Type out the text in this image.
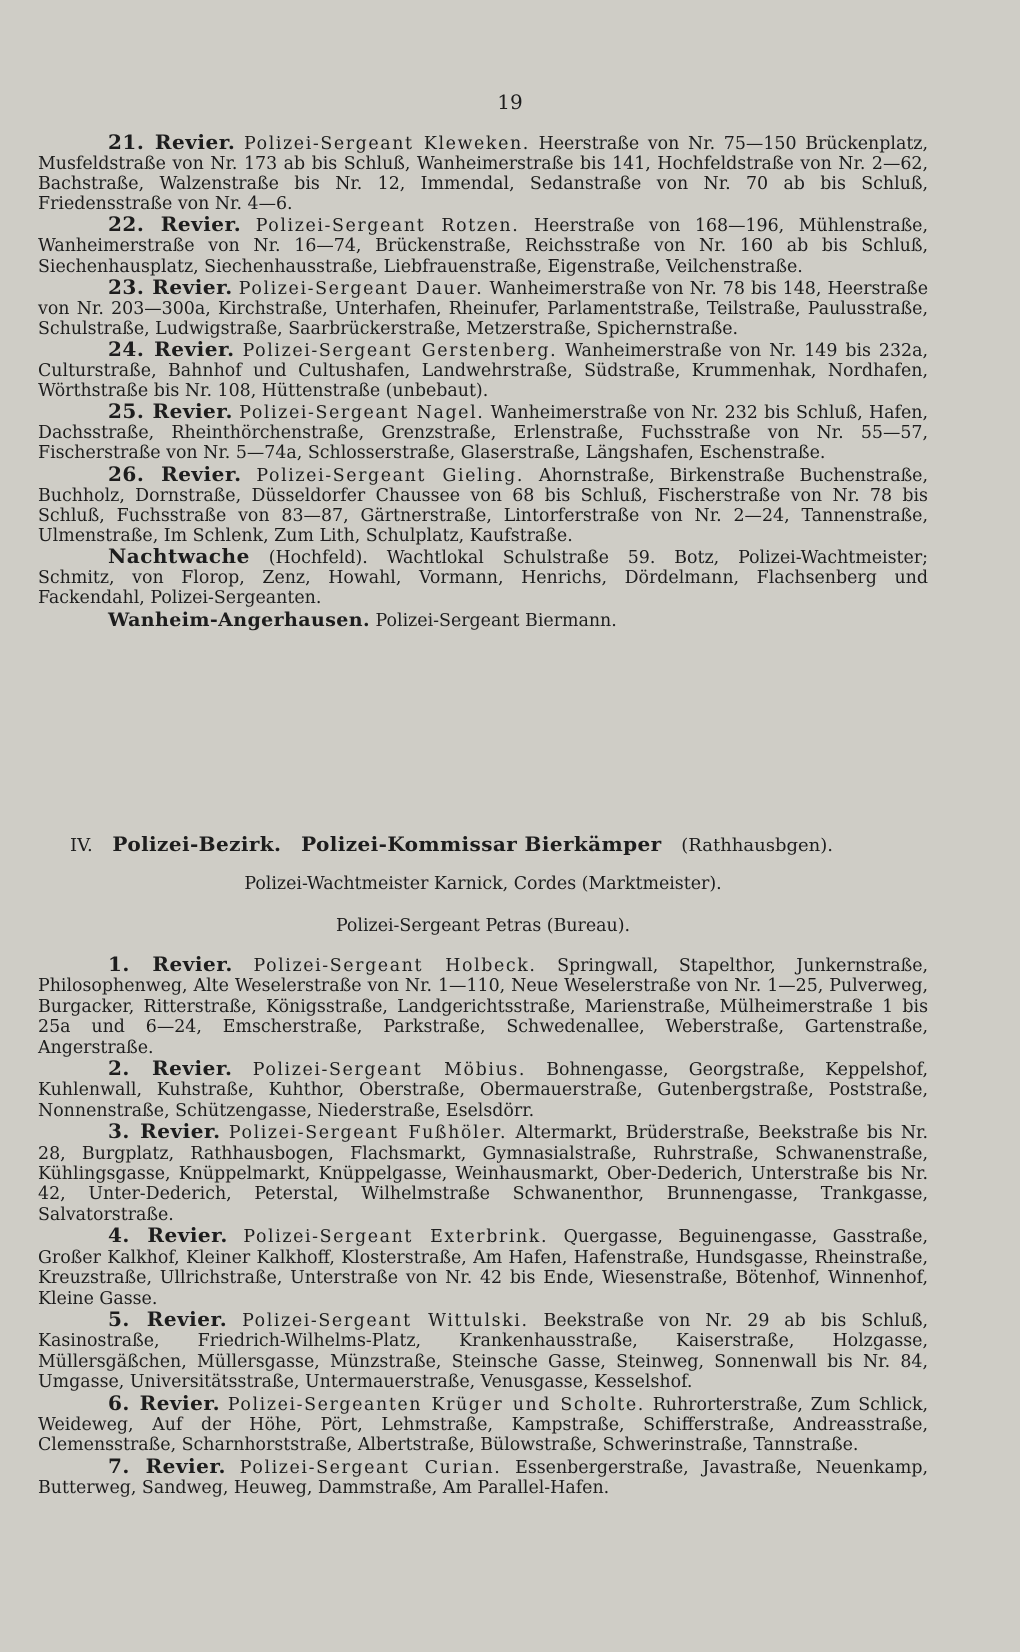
19

21. Revier. Polizei-Sergeant Kleweken. Heerstraße von Nr. 75—150 Brückenplatz, Musfeldstraße von Nr. 173 ab bis Schluß, Wanheimerstraße bis 141, Hochfeldstraße von Nr. 2—62, Bachstraße, Walzenstraße bis Nr. 12, Immendal, Sedanstraße von Nr. 70 ab bis Schluß, Friedensstraße von Nr. 4—6.

22. Revier. Polizei-Sergeant Rotzen. Heerstraße von 168—196, Mühlenstraße, Wanheimerstraße von Nr. 16—74, Brückenstraße, Reichsstraße von Nr. 160 ab bis Schluß, Siechenhausplatz, Siechenhausstraße, Liebfrauenstraße, Eigenstraße, Veilchenstraße.

23. Revier. Polizei-Sergeant Dauer. Wanheimerstraße von Nr. 78 bis 148, Heerstraße von Nr. 203—300a, Kirchstraße, Unterhafen, Rheinufer, Parlamentstraße, Teilstraße, Paulusstraße, Schulstraße, Ludwigstraße, Saarbrückerstraße, Metzerstraße, Spichernstraße.

24. Revier. Polizei-Sergeant Gerstenberg. Wanheimerstraße von Nr. 149 bis 232a, Culturstraße, Bahnhof und Cultushafen, Landwehrstraße, Südstraße, Krummenhak, Nordhafen, Wörthstraße bis Nr. 108, Hüttenstraße (unbebaut).

25. Revier. Polizei-Sergeant Nagel. Wanheimerstraße von Nr. 232 bis Schluß, Hafen, Dachsstraße, Rheinthörchenstraße, Grenzstraße, Erlenstraße, Fuchsstraße von Nr. 55—57, Fischerstraße von Nr. 5—74a, Schlosserstraße, Glaserstraße, Längshafen, Eschenstraße.

26. Revier. Polizei-Sergeant Gieling. Ahornstraße, Birkenstraße Buchenstraße, Buchholz, Dornstraße, Düsseldorfer Chaussee von 68 bis Schluß, Fischerstraße von Nr. 78 bis Schluß, Fuchsstraße von 83—87, Gärtnerstraße, Lintorferstraße von Nr. 2—24, Tannenstraße, Ulmenstraße, Im Schlenk, Zum Lith, Schulplatz, Kaufstraße.

Nachtwache (Hochfeld). Wachtlokal Schulstraße 59. Botz, Polizei-Wachtmeister; Schmitz, von Florop, Zenz, Howahl, Vormann, Henrichs, Dördelmann, Flachsenberg und Fackendahl, Polizei-Sergeanten.

Wanheim-Angerhausen. Polizei-Sergeant Biermann.

IV. Polizei-Bezirk. Polizei-Kommissar Bierkämper (Rathhausbgen).
Polizei-Wachtmeister Karnick, Cordes (Marktmeister).
Polizei-Sergeant Petras (Bureau).

1. Revier. Polizei-Sergeant Holbeck. Springwall, Stapelthor, Junkernstraße, Philosophenweg, Alte Weselerstraße von Nr. 1—110, Neue Weselerstraße von Nr. 1—25, Pulverweg, Burgacker, Ritterstraße, Königsstraße, Landgerichtsstraße, Marienstraße, Mülheimerstraße 1 bis 25a und 6—24, Emscherstraße, Parkstraße, Schwedenallee, Weberstraße, Gartenstraße, Angerstraße.

2. Revier. Polizei-Sergeant Möbius. Bohnengasse, Georgstraße, Keppelshof, Kuhlenwall, Kuhstraße, Kuhthor, Oberstraße, Obermauerstraße, Gutenbergstraße, Poststraße, Nonnenstraße, Schützengasse, Niederstraße, Eselsdörr.

3. Revier. Polizei-Sergeant Fußhöler. Altermarkt, Brüderstraße, Beekstraße bis Nr. 28, Burgplatz, Rathhausbogen, Flachsmarkt, Gymnasialstraße, Ruhrstraße, Schwanenstraße, Kühlingsgasse, Knüppelmarkt, Knüppelgasse, Weinhausmarkt, Ober-Dederich, Unterstraße bis Nr. 42, Unter-Dederich, Peterstal, Wilhelmstraße Schwanenthor, Brunnengasse, Trankgasse, Salvatorstraße.

4. Revier. Polizei-Sergeant Exterbrink. Quergasse, Beguinengasse, Gasstraße, Großer Kalkhof, Kleiner Kalkhoff, Klosterstraße, Am Hafen, Hafenstraße, Hundsgasse, Rheinstraße, Kreuzstraße, Ullrichstraße, Unterstraße von Nr. 42 bis Ende, Wiesenstraße, Bötenhof, Winnenhof, Kleine Gasse.

5. Revier. Polizei-Sergeant Wittulski. Beekstraße von Nr. 29 ab bis Schluß, Kasinostraße, Friedrich-Wilhelms-Platz, Krankenhausstraße, Kaiserstraße, Holzgasse, Müllersgäßchen, Müllersgasse, Münzstraße, Steinsche Gasse, Steinweg, Sonnenwall bis Nr. 84, Umgasse, Universitätsstraße, Untermauerstraße, Venusgasse, Kesselshof.

6. Revier. Polizei-Sergeanten Krüger und Scholte. Ruhrorterstraße, Zum Schlick, Weideweg, Auf der Höhe, Pört, Lehmstraße, Kampstraße, Schifferstraße, Andreasstraße, Clemensstraße, Scharnhorststraße, Albertstraße, Bülowstraße, Schwerinstraße, Tannstraße.

7. Revier. Polizei-Sergeant Curian. Essenbergerstraße, Javastraße, Neuenkamp, Butterweg, Sandweg, Heuweg, Dammstraße, Am Parallel-Hafen.
